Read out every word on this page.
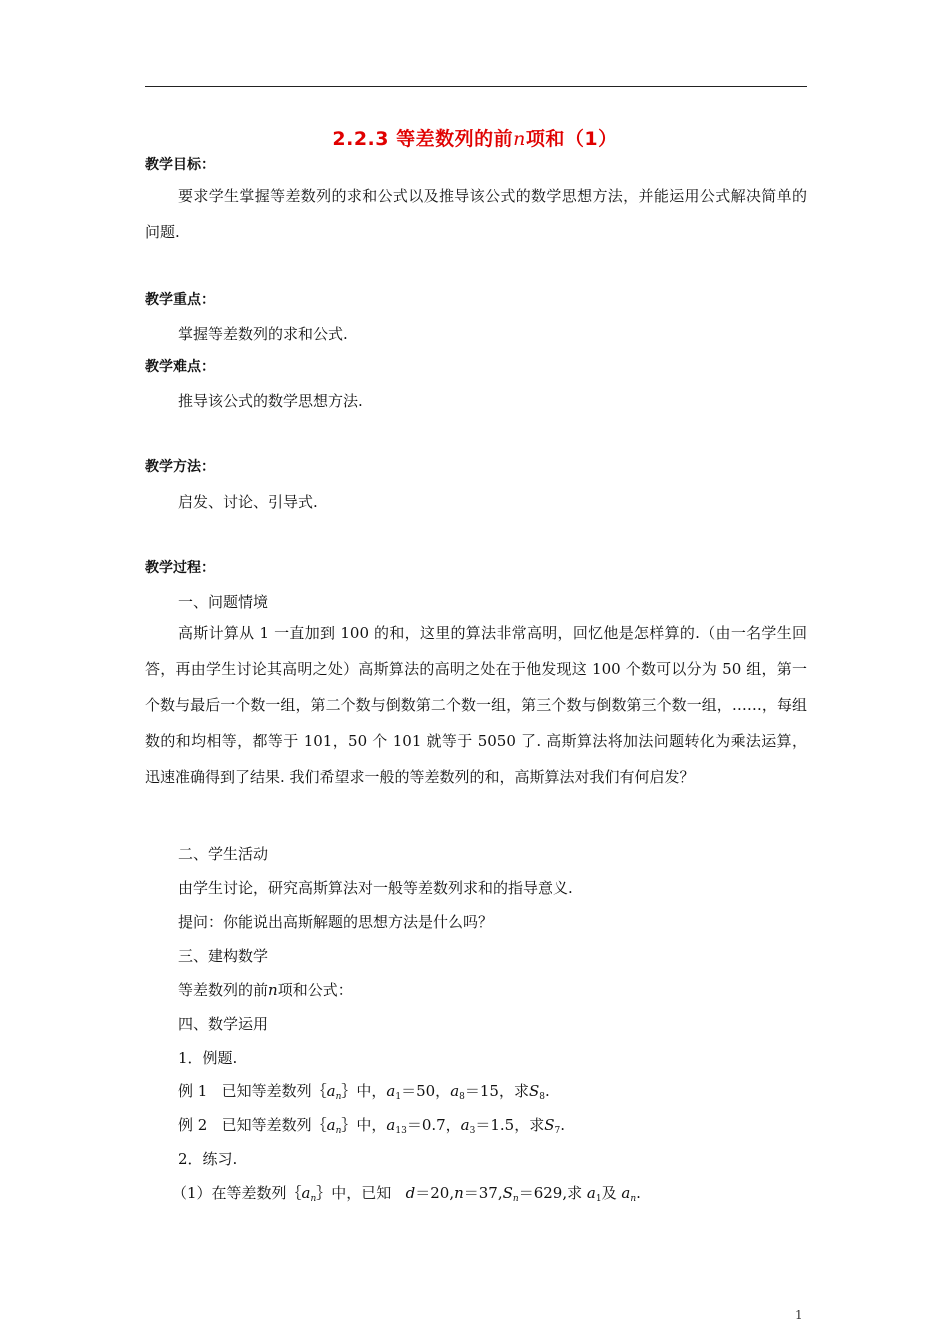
2.2.3 等差数列的前n项和（1）
教学目标：
要求学生掌握等差数列的求和公式以及推导该公式的数学思想方法，并能运用公式解决简单的问题.
教学重点：
掌握等差数列的求和公式.
教学难点：
推导该公式的数学思想方法.
教学方法：
启发、讨论、引导式.
教学过程：
一、问题情境
高斯计算从 1 一直加到 100 的和，这里的算法非常高明，回忆他是怎样算的.（由一名学生回答，再由学生讨论其高明之处）高斯算法的高明之处在于他发现这 100 个数可以分为 50 组，第一个数与最后一个数一组，第二个数与倒数第二个数一组，第三个数与倒数第三个数一组，……，每组数的和均相等，都等于 101，50 个 101 就等于 5050 了. 高斯算法将加法问题转化为乘法运算，迅速准确得到了结果. 我们希望求一般的等差数列的和，高斯算法对我们有何启发？
二、学生活动
由学生讨论，研究高斯算法对一般等差数列求和的指导意义.
提问：你能说出高斯解题的思想方法是什么吗？
三、建构数学
等差数列的前n项和公式：
四、数学运用
1．例题.
例 1 已知等差数列$\{a_n\}$中，$a_1=50$，$a_8=15$，求$S_8$.
例 2 已知等差数列$\{a_n\}$中，$a_{13}=0.7$，$a_3=1.5$，求$S_7$.
2．练习.
（1）在等差数列$\{a_n\}$中，已知 $d=20,n=37,S_n=629$,求 $a_1$及 $a_n$.
1
